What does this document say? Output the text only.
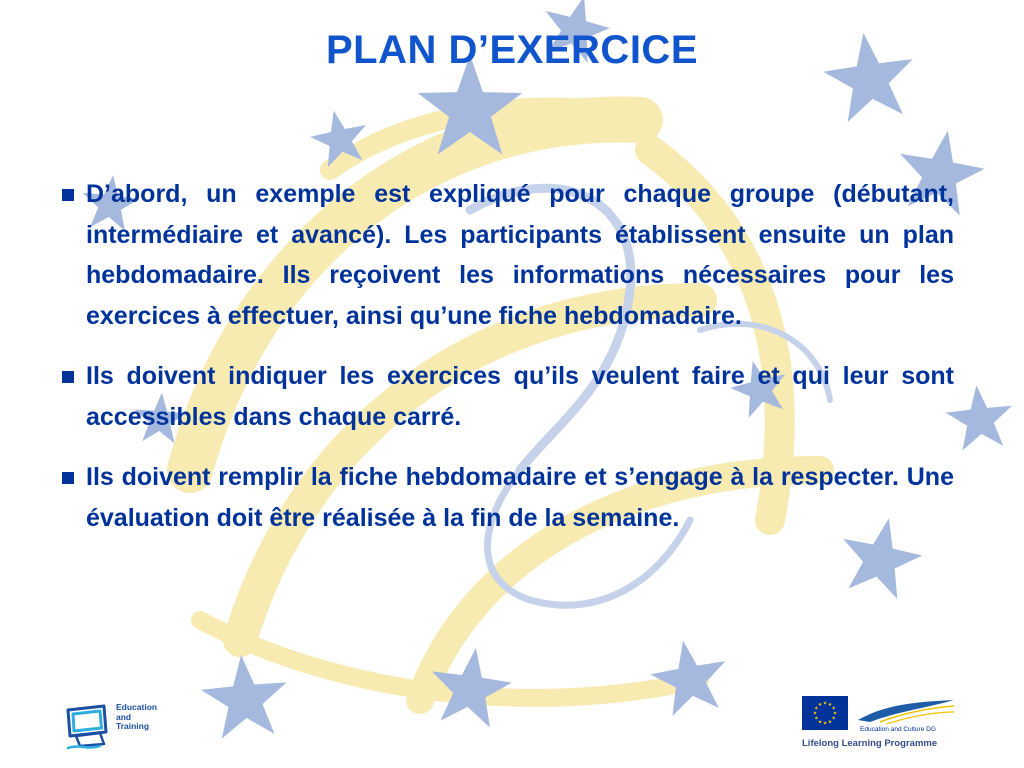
PLAN D’EXERCICE
D’abord, un exemple est expliqué pour chaque groupe (débutant, intermédiaire et avancé). Les participants établissent ensuite un plan hebdomadaire. Ils reçoivent les informations nécessaires pour les exercices à effectuer, ainsi qu’une fiche hebdomadaire.
Ils doivent indiquer les exercices qu’ils veulent faire et qui leur sont accessibles dans chaque carré.
Ils doivent remplir la fiche hebdomadaire et s’engage à la respecter. Une évaluation doit être réalisée à la fin de la semaine.
Education
and
Training	Education and Culture DG
Lifelong Learning Programme
